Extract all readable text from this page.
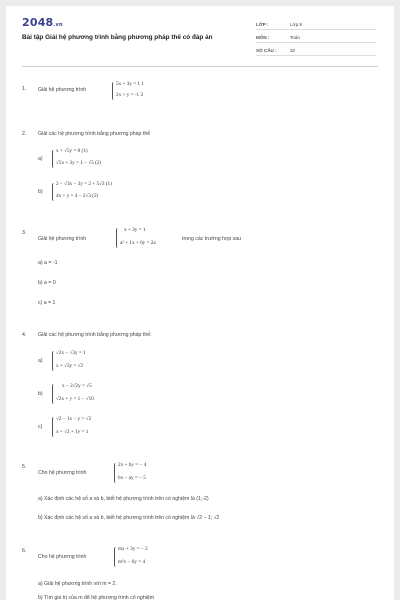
2048.vn
Bài tập Giải hệ phương trình bằng phương pháp thế có đáp án
LỚP :	Lớp 9
MÔN :	Toán
SỐ CÂU :	32
1. Giải hệ phương trình
5x + 3y = 1 1
2x + y = -1 2
2. Giải các hệ phương trình bằng phương pháp thế
a)
x + √5y = 0 (1)
√5x + 3y = 1 − √5 (2)
b)
2 − √3x − 3y = 2 + 5√3 (1)
4x + y = 4 − 2√3 (2)
3.
Giải hệ phương trình
x + 3y = 1
a² + 1x + 6y = 2a
trong các trường hợp sau
a) a = -1
b) a = 0
c) a = 1
4. Giải các hệ phương trình bằng phương pháp thế:
a)
√2x − √3y = 1
x + √3y = √2
b)
x − 2√2y = √5
√2x + y = 1 − √10
c)
√2 − 1x − y = √2
x + √2 + 1y = 1
5.
Cho hệ phương trình
2x + by = − 4
bx − ay = − 5
a) Xác định các hệ số a và b, biết hệ phương trình trên có nghiệm là (1;-2)
b) Xác định các hệ số a và b, biết hệ phương trình trên có nghiệm là √2 − 1; √2
6.
Cho hệ phương trình
mx + 3y = − 2
m²x − 6y = 4
a) Giải hệ phương trình với m = 2.
b) Tìm giá trị của m để hệ phương trình có nghiệm
